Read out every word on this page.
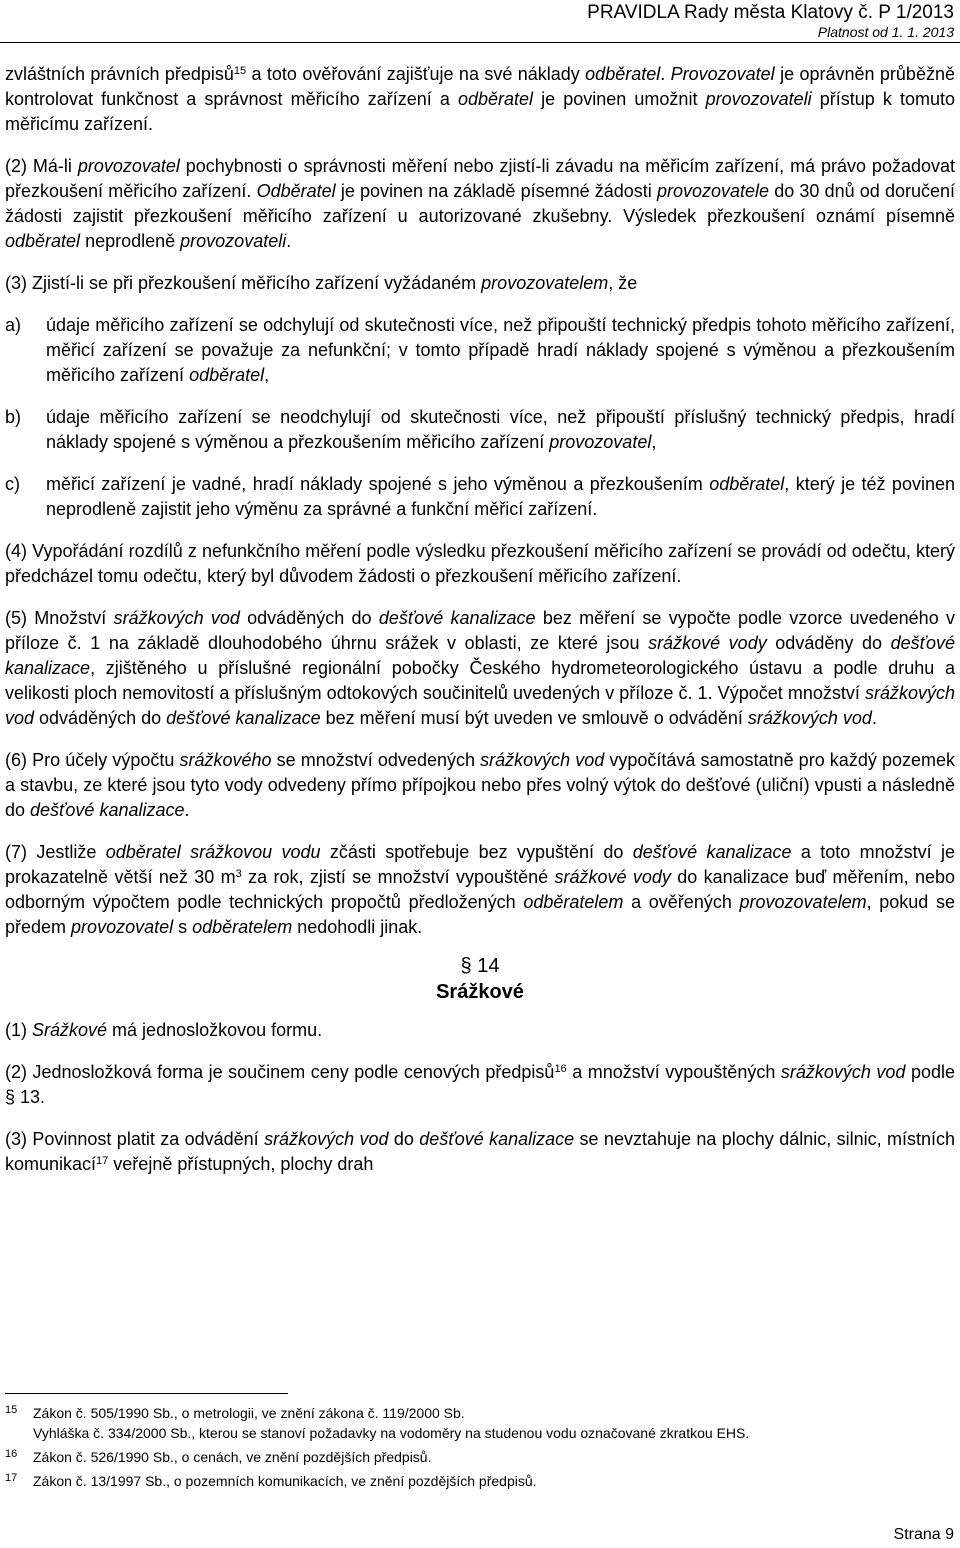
PRAVIDLA Rady města Klatovy č. P 1/2013
Platnost od 1. 1. 2013

zvláštních právních předpisů$^{15}$ a toto ověřování zajišťuje na své náklady odběratel. Provozovatel je oprávněn průběžně kontrolovat funkčnost a správnost měřicího zařízení a odběratel je povinen umožnit provozovateli přístup k tomuto měřicímu zařízení.

(2) Má-li provozovatel pochybnosti o správnosti měření nebo zjistí-li závadu na měřicím zařízení, má právo požadovat přezkoušení měřicího zařízení. Odběratel je povinen na základě písemné žádosti provozovatele do 30 dnů od doručení žádosti zajistit přezkoušení měřicího zařízení u autorizované zkušebny. Výsledek přezkoušení oznámí písemně odběratel neprodleně provozovateli.

(3) Zjistí-li se při přezkoušení měřicího zařízení vyžádaném provozovatelem, že

a)	údaje měřicího zařízení se odchylují od skutečnosti více, než připouští technický předpis tohoto měřicího zařízení, měřicí zařízení se považuje za nefunkční; v tomto případě hradí náklady spojené s výměnou a přezkoušením měřicího zařízení odběratel,
b)	údaje měřicího zařízení se neodchylují od skutečnosti více, než připouští příslušný technický předpis, hradí náklady spojené s výměnou a přezkoušením měřicího zařízení provozovatel,
c)	měřicí zařízení je vadné, hradí náklady spojené s jeho výměnou a přezkoušením odběratel, který je též povinen neprodleně zajistit jeho výměnu za správné a funkční měřicí zařízení.

(4) Vypořádání rozdílů z nefunkčního měření podle výsledku přezkoušení měřicího zařízení se provádí od odečtu, který předcházel tomu odečtu, který byl důvodem žádosti o přezkoušení měřicího zařízení.

(5) Množství srážkových vod odváděných do dešťové kanalizace bez měření se vypočte podle vzorce uvedeného v příloze č. 1 na základě dlouhodobého úhrnu srážek v oblasti, ze které jsou srážkové vody odváděny do dešťové kanalizace, zjištěného u příslušné regionální pobočky Českého hydrometeorologického ústavu a podle druhu a velikosti ploch nemovitostí a příslušným odtokových součinitelů uvedených v příloze č. 1. Výpočet množství srážkových vod odváděných do dešťové kanalizace bez měření musí být uveden ve smlouvě o odvádění srážkových vod.

(6) Pro účely výpočtu srážkového se množství odvedených srážkových vod vypočítává samostatně pro každý pozemek a stavbu, ze které jsou tyto vody odvedeny přímo přípojkou nebo přes volný výtok do dešťové (uliční) vpusti a následně do dešťové kanalizace.

(7) Jestliže odběratel srážkovou vodu zčásti spotřebuje bez vypuštění do dešťové kanalizace a toto množství je prokazatelně větší než 30 $m^3$ za rok, zjistí se množství vypouštěné srážkové vody do kanalizace buď měřením, nebo odborným výpočtem podle technických propočtů předložených odběratelem a ověřených provozovatelem, pokud se předem provozovatel s odběratelem nedohodli jinak.

§ 14
Srážkové

(1) Srážkové má jednosložkovou formu.

(2) Jednosložková forma je součinem ceny podle cenových předpisů$^{16}$ a množství vypouštěných srážkových vod podle § 13.

(3) Povinnost platit za odvádění srážkových vod do dešťové kanalizace se nevztahuje na plochy dálnic, silnic, místních komunikací$^{17}$ veřejně přístupných, plochy drah

15	Zákon č. 505/1990 Sb., o metrologii, ve znění zákona č. 119/2000 Sb.
Vyhláška č. 334/2000 Sb., kterou se stanoví požadavky na vodoměry na studenou vodu označované zkratkou EHS.
16	Zákon č. 526/1990 Sb., o cenách, ve znění pozdějších předpisů.
17	Zákon č. 13/1997 Sb., o pozemních komunikacích, ve znění pozdějších předpisů.
Strana 9
